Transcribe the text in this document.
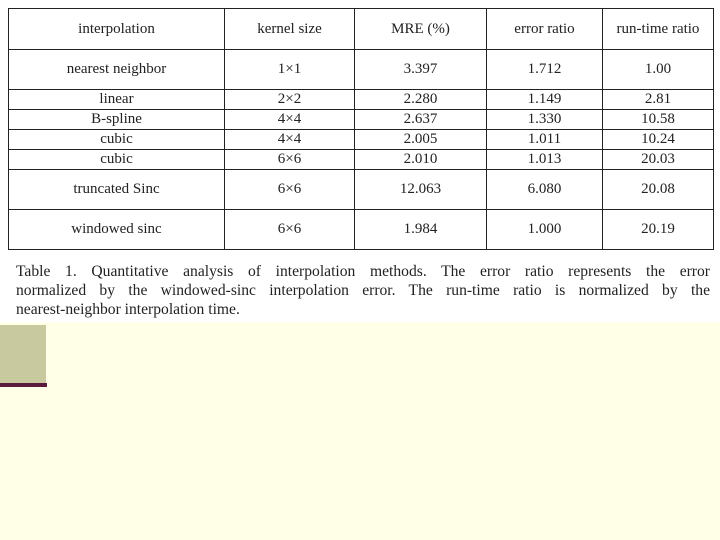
interpolation	kernel size	MRE (%)	error ratio	run-time ratio
nearest neighbor	1×1	3.397	1.712	1.00
linear	2×2	2.280	1.149	2.81
B-spline	4×4	2.637	1.330	10.58
cubic	4×4	2.005	1.011	10.24
cubic	6×6	2.010	1.013	20.03
truncated Sinc	6×6	12.063	6.080	20.08
windowed sinc	6×6	1.984	1.000	20.19
Table 1. Quantitative analysis of interpolation methods. The error ratio represents the error
normalized by the windowed-sinc interpolation error. The run-time ratio is normalized by the
nearest-neighbor interpolation time.
